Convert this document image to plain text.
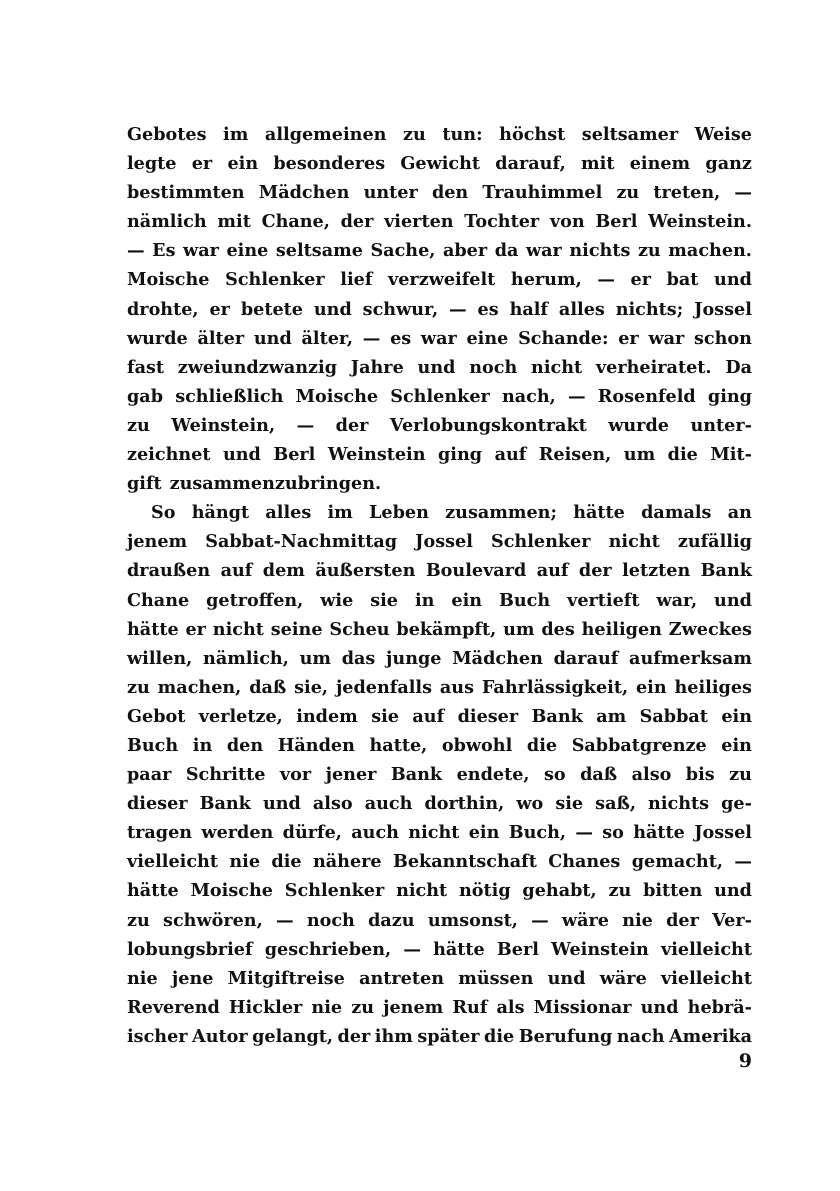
Gebotes im allgemeinen zu tun: höchst seltsamer Weise
legte er ein besonderes Gewicht darauf, mit einem ganz
bestimmten Mädchen unter den Trauhimmel zu treten, —
nämlich mit Chane, der vierten Tochter von Berl Weinstein.
— Es war eine seltsame Sache, aber da war nichts zu machen.
Moische Schlenker lief verzweifelt herum, — er bat und
drohte, er betete und schwur, — es half alles nichts; Jossel
wurde älter und älter, — es war eine Schande: er war schon
fast zweiundzwanzig Jahre und noch nicht verheiratet. Da
gab schließlich Moische Schlenker nach, — Rosenfeld ging
zu Weinstein, — der Verlobungskontrakt wurde unter-
zeichnet und Berl Weinstein ging auf Reisen, um die Mit-
gift zusammenzubringen.
So hängt alles im Leben zusammen; hätte damals an
jenem Sabbat-Nachmittag Jossel Schlenker nicht zufällig
draußen auf dem äußersten Boulevard auf der letzten Bank
Chane getroffen, wie sie in ein Buch vertieft war, und
hätte er nicht seine Scheu bekämpft, um des heiligen Zweckes
willen, nämlich, um das junge Mädchen darauf aufmerksam
zu machen, daß sie, jedenfalls aus Fahrlässigkeit, ein heiliges
Gebot verletze, indem sie auf dieser Bank am Sabbat ein
Buch in den Händen hatte, obwohl die Sabbatgrenze ein
paar Schritte vor jener Bank endete, so daß also bis zu
dieser Bank und also auch dorthin, wo sie saß, nichts ge-
tragen werden dürfe, auch nicht ein Buch, — so hätte Jossel
vielleicht nie die nähere Bekanntschaft Chanes gemacht, —
hätte Moische Schlenker nicht nötig gehabt, zu bitten und
zu schwören, — noch dazu umsonst, — wäre nie der Ver-
lobungsbrief geschrieben, — hätte Berl Weinstein vielleicht
nie jene Mitgiftreise antreten müssen und wäre vielleicht
Reverend Hickler nie zu jenem Ruf als Missionar und hebrä-
ischer Autor gelangt, der ihm später die Berufung nach Amerika
9
